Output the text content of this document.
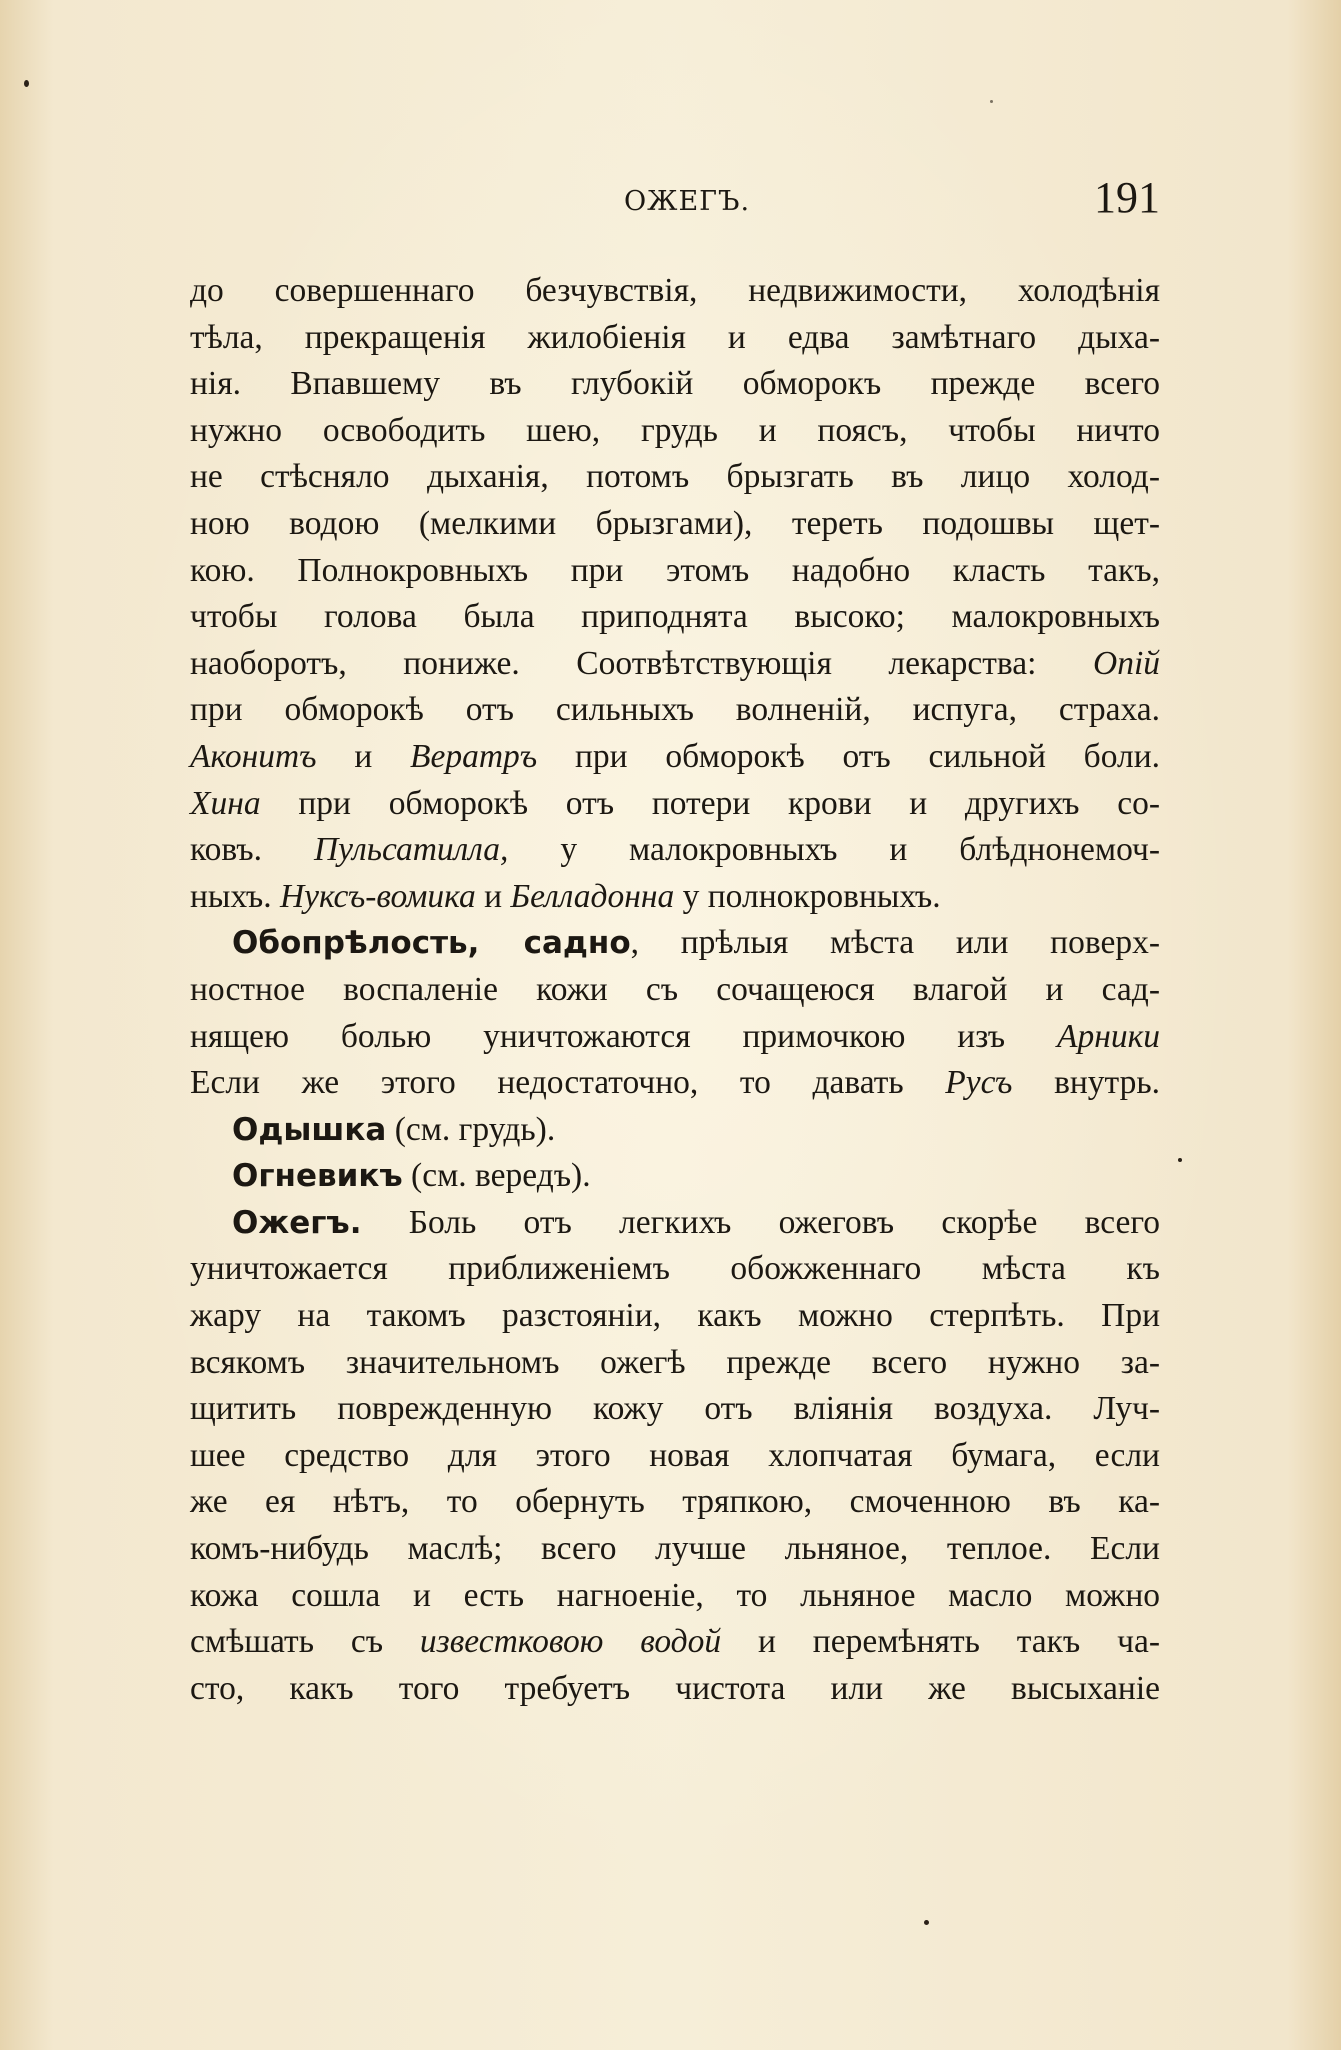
ОЖЕГЪ.	191
до совершеннаго безчувствія, недвижимости, холодѣнія
тѣла, прекращенія жилобіенія и едва замѣтнаго дыха-
нія. Впавшему въ глубокій обморокъ прежде всего
нужно освободить шею, грудь и поясъ, чтобы ничто
не стѣсняло дыханія, потомъ брызгать въ лицо холод-
ною водою (мелкими брызгами), тереть подошвы щет-
кою. Полнокровныхъ при этомъ надобно класть такъ,
чтобы голова была приподнята высоко; малокровныхъ
наоборотъ, пониже. Соотвѣтствующія лекарства: Опій
при обморокѣ отъ сильныхъ волненій, испуга, страха.
Аконитъ и Вератръ при обморокѣ отъ сильной боли.
Хина при обморокѣ отъ потери крови и другихъ со-
ковъ. Пульсатилла, у малокровныхъ и блѣднонемоч-
ныхъ. Нуксъ-вомика и Белладонна у полнокровныхъ.
Обопрѣлость, садно, прѣлыя мѣста или поверх-
ностное воспаленіе кожи съ сочащеюся влагой и сад-
нящею болью уничтожаются примочкою изъ Арники
Если же этого недостаточно, то давать Русъ внутрь.
Одышка (см. грудь).
Огневикъ (см. вередъ).
Ожегъ. Боль отъ легкихъ ожеговъ скорѣе всего
уничтожается приближеніемъ обожженнаго мѣста къ
жару на такомъ разстояніи, какъ можно стерпѣть. При
всякомъ значительномъ ожегѣ прежде всего нужно за-
щитить поврежденную кожу отъ вліянія воздуха. Луч-
шее средство для этого новая хлопчатая бумага, если
же ея нѣтъ, то обернуть тряпкою, смоченною въ ка-
комъ-нибудь маслѣ; всего лучше льняное, теплое. Если
кожа сошла и есть нагноеніе, то льняное масло можно
смѣшать съ известковою водой и перемѣнять такъ ча-
сто, какъ того требуетъ чистота или же высыханіе
